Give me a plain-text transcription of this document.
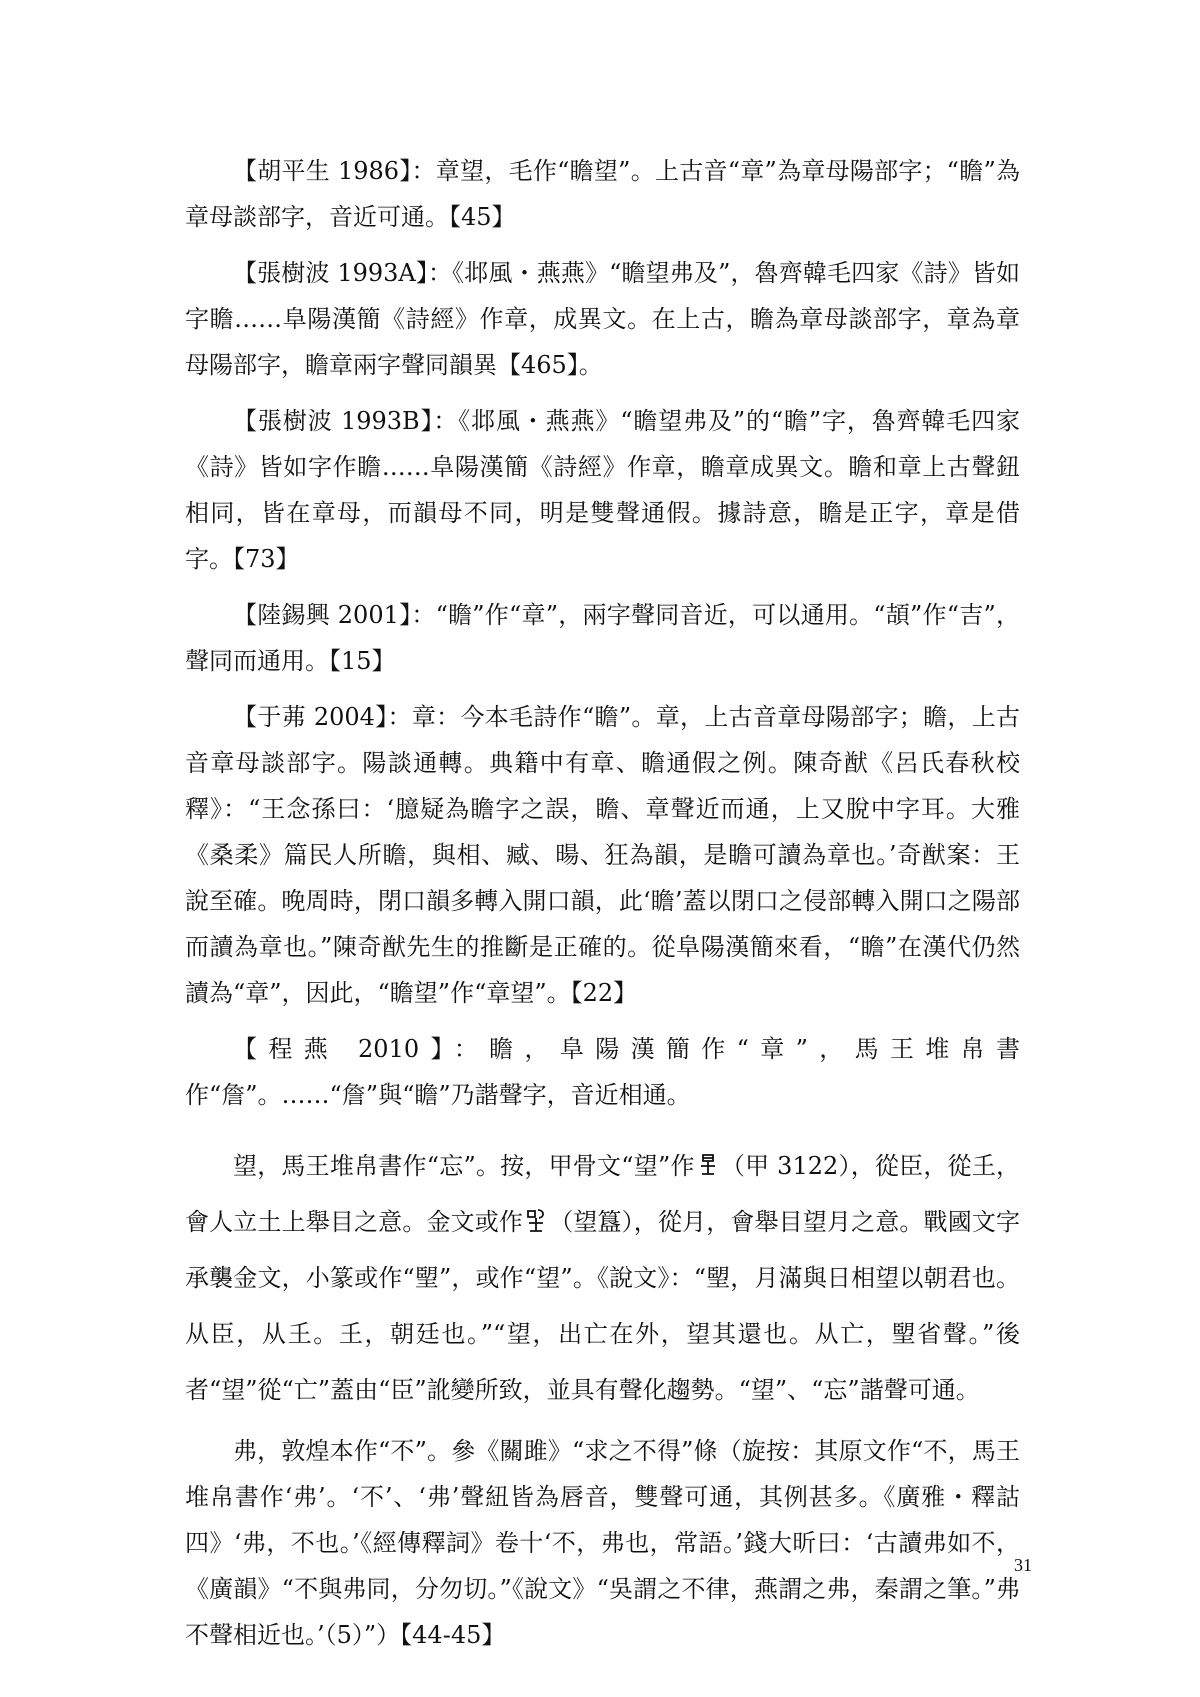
【胡平生 1986】：章望，毛作“瞻望”。上古音“章”為章母陽部字；“瞻”為章母談部字，音近可通。【45】

【張樹波 1993A】：《邶風・燕燕》“瞻望弗及”，魯齊韓毛四家《詩》皆如字瞻……阜陽漢簡《詩經》作章，成異文。在上古，瞻為章母談部字，章為章母陽部字，瞻章兩字聲同韻異【465】。

【張樹波 1993B】：《邶風・燕燕》“瞻望弗及”的“瞻”字，魯齊韓毛四家《詩》皆如字作瞻……阜陽漢簡《詩經》作章，瞻章成異文。瞻和章上古聲鈕相同，皆在章母，而韻母不同，明是雙聲通假。據詩意，瞻是正字，章是借字。【73】

【陸錫興 2001】：“瞻”作“章”，兩字聲同音近，可以通用。“頡”作“吉”，聲同而通用。【15】

【于茀 2004】：章：今本毛詩作“瞻”。章，上古音章母陽部字；瞻，上古音章母談部字。陽談通轉。典籍中有章、瞻通假之例。陳奇猷《呂氏春秋校釋》：“王念孫曰：‘臆疑為瞻字之誤，瞻、章聲近而通，上又脫中字耳。大雅《桑柔》篇民人所瞻，與相、臧、暘、狂為韻，是瞻可讀為章也。’奇猷案：王說至確。晚周時，閉口韻多轉入開口韻，此‘瞻’蓋以閉口之侵部轉入開口之陽部而讀為章也。”陳奇猷先生的推斷是正確的。從阜陽漢簡來看，“瞻”在漢代仍然讀為“章”，因此，“瞻望”作“章望”。【22】

【程燕 2010】：瞻，阜陽漢簡作“章”，馬王堆帛書作“詹”。……“詹”與“瞻”乃諧聲字，音近相通。

望，馬王堆帛書作“忘”。按，甲骨文“望”作 （甲 3122），從臣，從𡈼，會人立土上舉目之意。金文或作 （望簋），從月，會舉目望月之意。戰國文字承襲金文，小篆或作“朢”，或作“望”。《說文》：“朢，月滿與日相望以朝君也。从臣，从𡈼。𡈼，朝廷也。”“望，出亡在外，望其還也。从亡，朢省聲。”後者“望”從“亡”蓋由“臣”訛變所致，並具有聲化趨勢。“望”、“忘”諧聲可通。

弗，敦煌本作“不”。參《關雎》“求之不得”條（旋按：其原文作“不，馬王堆帛書作‘弗’。‘不’、‘弗’聲紐皆為唇音，雙聲可通，其例甚多。《廣雅・釋詁四》‘弗，不也。’《經傳釋詞》卷十‘不，弗也，常語。’錢大昕曰：‘古讀弗如不，《廣韻》“不與弗同，分勿切。”《說文》“吳謂之不律，燕謂之弗，秦謂之筆。”弗不聲相近也。’（5）”）【44-45】

31
